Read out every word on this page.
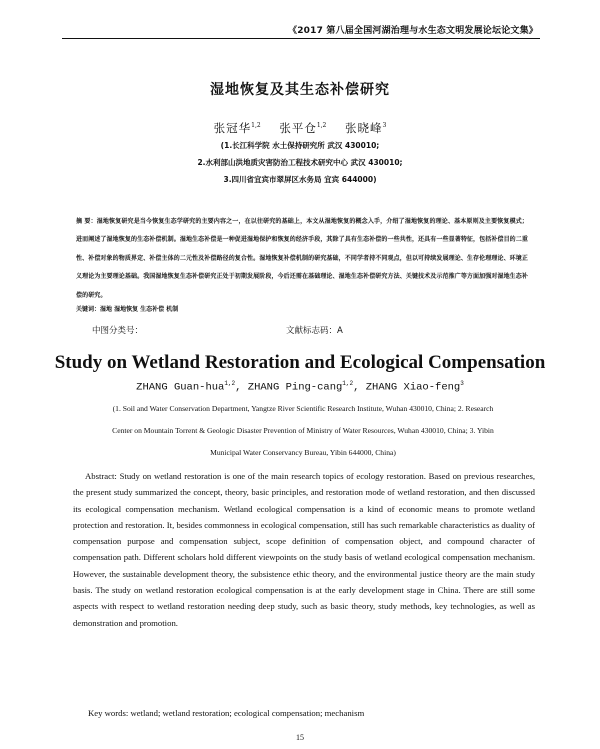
《2017 第八届全国河湖治理与水生态文明发展论坛论文集》
湿地恢复及其生态补偿研究
张冠华$^{1,2}$ 张平仓$^{1,2}$ 张晓峰$^3$
(1.长江科学院 水土保持研究所 武汉 430010;
2.水利部山洪地质灾害防治工程技术研究中心 武汉 430010;
3.四川省宜宾市翠屏区水务局 宜宾 644000)
摘 要：湿地恢复研究是当今恢复生态学研究的主要内容之一，在以往研究的基础上，本文从湿地恢复的概念入手，介绍了湿地恢复的理论、基本原则及主要恢复模式；进而阐述了湿地恢复的生态补偿机制。湿地生态补偿是一种促进湿地保护和恢复的经济手段，其除了具有生态补偿的一些共性，还具有一些显著特征，包括补偿目的二重性、补偿对象的物质界定、补偿主体的二元性及补偿路径的复合性。湿地恢复补偿机制的研究基础，不同学者持不同观点，但以可持续发展理论、生存伦理理论、环境正义理论为主要理论基础。我国湿地恢复生态补偿研究正处于初期发展阶段，今后还需在基础理论、湿地生态补偿研究方法、关键技术及示范推广等方面加强对湿地生态补偿的研究。
关键词：湿地 湿地恢复 生态补偿 机制
中图分类号：	文献标志码：A
Study on Wetland Restoration and Ecological Compensation
ZHANG Guan-hua$^{1,2}$, ZHANG Ping-cang$^{1,2}$, ZHANG Xiao-feng$^3$
(1. Soil and Water Conservation Department, Yangtze River Scientific Research Institute, Wuhan 430010, China; 2. Research
Center on Mountain Torrent & Geologic Disaster Prevention of Ministry of Water Resources, Wuhan 430010, China; 3. Yibin
Municipal Water Conservancy Bureau, Yibin 644000, China)
Abstract: Study on wetland restoration is one of the main research topics of ecology restoration. Based on previous researches, the present study summarized the concept, theory, basic principles, and restoration mode of wetland restoration, and then discussed its ecological compensation mechanism. Wetland ecological compensation is a kind of economic means to promote wetland protection and restoration. It, besides commonness in ecological compensation, still has such remarkable characteristics as duality of compensation purpose and compensation subject, scope definition of compensation object, and compound character of compensation path. Different scholars hold different viewpoints on the study basis of wetland ecological compensation mechanism. However, the sustainable development theory, the subsistence ethic theory, and the environmental justice theory are the main study basis. The study on wetland restoration ecological compensation is at the early development stage in China. There are still some aspects with respect to wetland restoration needing deep study, such as basic theory, study methods, key technologies, as well as demonstration and promotion.
Key words: wetland; wetland restoration; ecological compensation; mechanism
15
